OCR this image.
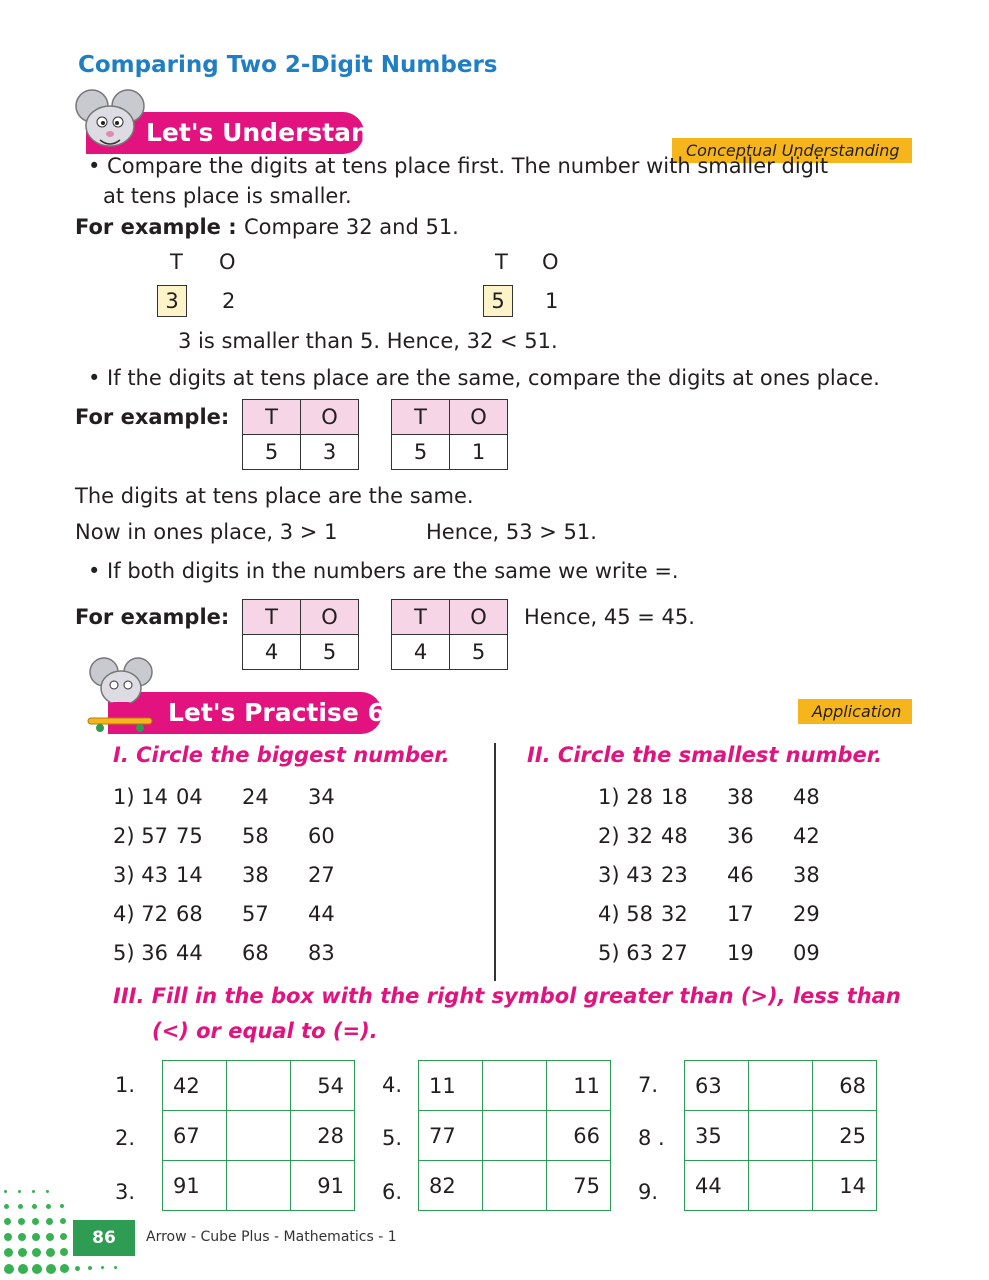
Comparing Two 2-Digit Numbers
Let's Understand
Conceptual Understanding
• Compare the digits at tens place first. The number with smaller digit
at tens place is smaller.
For example : Compare 32 and 51.
T O	T O
3	2	5	1
3 is smaller than 5. Hence, 32 < 51.
• If the digits at tens place are the same, compare the digits at ones place.
For example: T	O
5	3
T	O
5	1
The digits at tens place are the same.
Now in ones place, 3 > 1	Hence, 53 > 51.
• If both digits in the numbers are the same we write =.
For example: T	O
4	5
T	O
4	5
Hence, 45 = 45.
Let's Practise 6.5	Application
I. Circle the biggest number.	II. Circle the smallest number.
1) 14 04 24 34
2) 57 75 58 60
3) 43 14 38 27
4) 72 68 57 44
5) 36 44 68 83
1) 28 18 38 48
2) 32 48 36 42
3) 43 23 46 38
4) 58 32 17 29
5) 63 27 19 09
III. Fill in the box with the right symbol greater than (>), less than
(<) or equal to (=).
1.
2.
3.
42		54
67		28
91		91
4.
5.
6.
11		11
77		66
82		75
7.
8 .
9.
63		68
35		25
44		14
86	Arrow - Cube Plus - Mathematics - 1
